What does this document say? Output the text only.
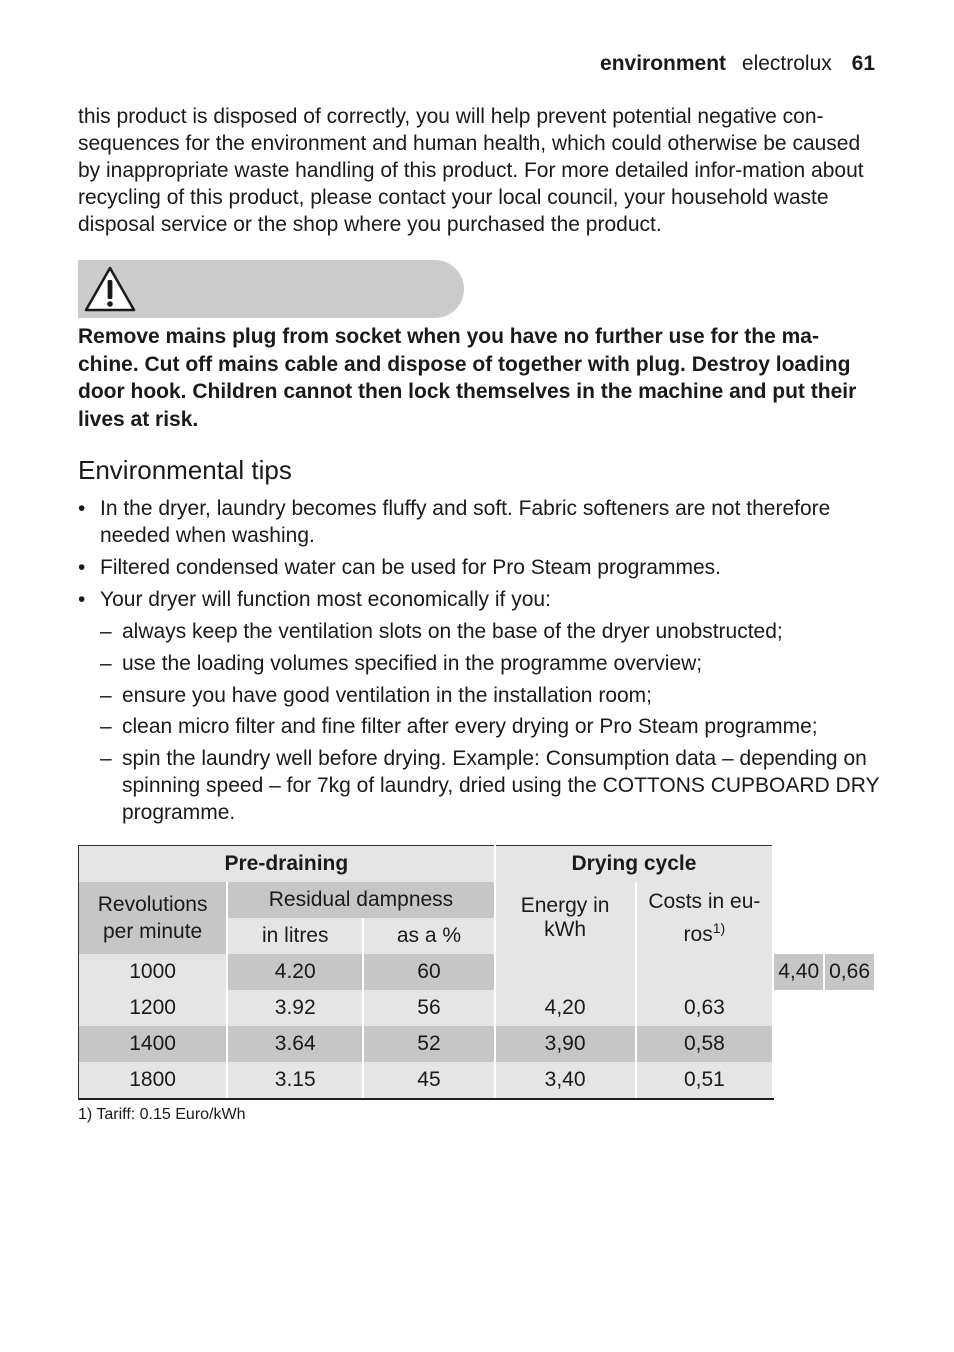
environment electrolux 61

this product is disposed of correctly, you will help prevent potential negative con-sequences for the environment and human health, which could otherwise be caused by inappropriate waste handling of this product. For more detailed infor-mation about recycling of this product, please contact your local council, your household waste disposal service or the shop where you purchased the product.

Remove mains plug from socket when you have no further use for the ma-chine. Cut off mains cable and dispose of together with plug. Destroy loading door hook. Children cannot then lock themselves in the machine and put their lives at risk.

Environmental tips

• In the dryer, laundry becomes fluffy and soft. Fabric softeners are not therefore needed when washing.

• Filtered condensed water can be used for Pro Steam programmes.

• Your dryer will function most economically if you:

– always keep the ventilation slots on the base of the dryer unobstructed;

– use the loading volumes specified in the programme overview;

– ensure you have good ventilation in the installation room;

– clean micro filter and fine filter after every drying or Pro Steam programme;

– spin the laundry well before drying. Example: Consumption data – depending on spinning speed – for 7kg of laundry, dried using the COTTONS CUPBOARD DRY programme.

Pre-draining			Drying cycle			
Revolutions per minute	Residual dampness		Energy in kWh	Costs in eu-ros$^{1)}$
	in litres	as a %				
1000	4.20	60			4,40	0,66
1200	3.92	56	4,20	0,63		
1400	3.64	52	3,90	0,58		
1800	3.15	45	3,40	0,51		

1) Tariff: 0.15 Euro/kWh
